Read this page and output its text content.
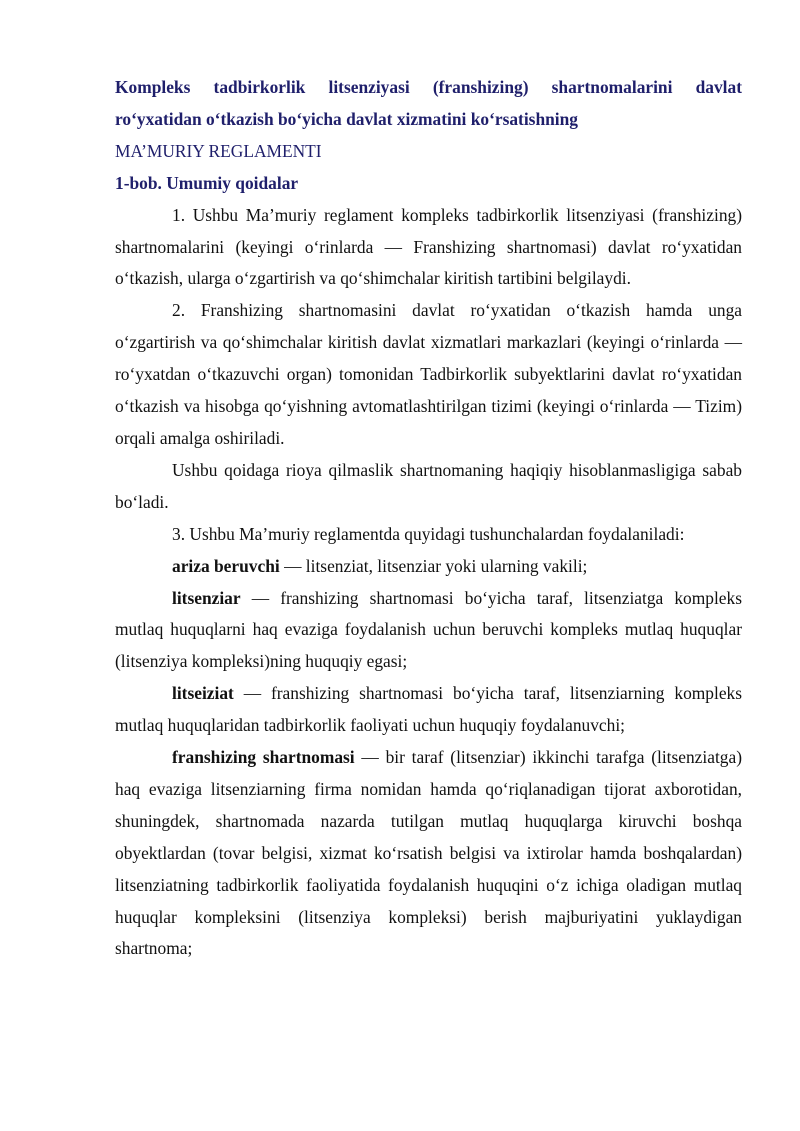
Kompleks tadbirkorlik litsenziyasi (franshizing) shartnomalarini davlat

ro‘yxatidan o‘tkazish bo‘yicha davlat xizmatini ko‘rsatishning

MA’MURIY REGLAMENTI

1-bob. Umumiy qoidalar

1. Ushbu Ma’muriy reglament kompleks tadbirkorlik litsenziyasi (franshizing) shartnomalarini (keyingi o‘rinlarda — Franshizing shartnomasi) davlat ro‘yxatidan o‘tkazish, ularga o‘zgartirish va qo‘shimchalar kiritish tartibini belgilaydi.

2. Franshizing shartnomasini davlat ro‘yxatidan o‘tkazish hamda unga o‘zgartirish va qo‘shimchalar kiritish davlat xizmatlari markazlari (keyingi o‘rinlarda — ro‘yxatdan o‘tkazuvchi organ) tomonidan Tadbirkorlik subyektlarini davlat ro‘yxatidan o‘tkazish va hisobga qo‘yishning avtomatlashtirilgan tizimi (keyingi o‘rinlarda — Tizim) orqali amalga oshiriladi.

Ushbu qoidaga rioya qilmaslik shartnomaning haqiqiy hisoblanmasligiga sabab bo‘ladi.

3. Ushbu Ma’muriy reglamentda quyidagi tushunchalardan foydalaniladi:

ariza beruvchi — litsenziat, litsenziar yoki ularning vakili;

litsenziar — franshizing shartnomasi bo‘yicha taraf, litsenziatga kompleks mutlaq huquqlarni haq evaziga foydalanish uchun beruvchi kompleks mutlaq huquqlar (litsenziya kompleksi)ning huquqiy egasi;

litseiziat — franshizing shartnomasi bo‘yicha taraf, litsenziarning kompleks mutlaq huquqlaridan tadbirkorlik faoliyati uchun huquqiy foydalanuvchi;

franshizing shartnomasi — bir taraf (litsenziar) ikkinchi tarafga (litsenziatga) haq evaziga litsenziarning firma nomidan hamda qo‘riqlanadigan tijorat axborotidan, shuningdek, shartnomada nazarda tutilgan mutlaq huquqlarga kiruvchi boshqa obyektlardan (tovar belgisi, xizmat ko‘rsatish belgisi va ixtirolar hamda boshqalardan) litsenziatning tadbirkorlik faoliyatida foydalanish huquqini o‘z ichiga oladigan mutlaq huquqlar kompleksini (litsenziya kompleksi) berish majburiyatini yuklaydigan shartnoma;
